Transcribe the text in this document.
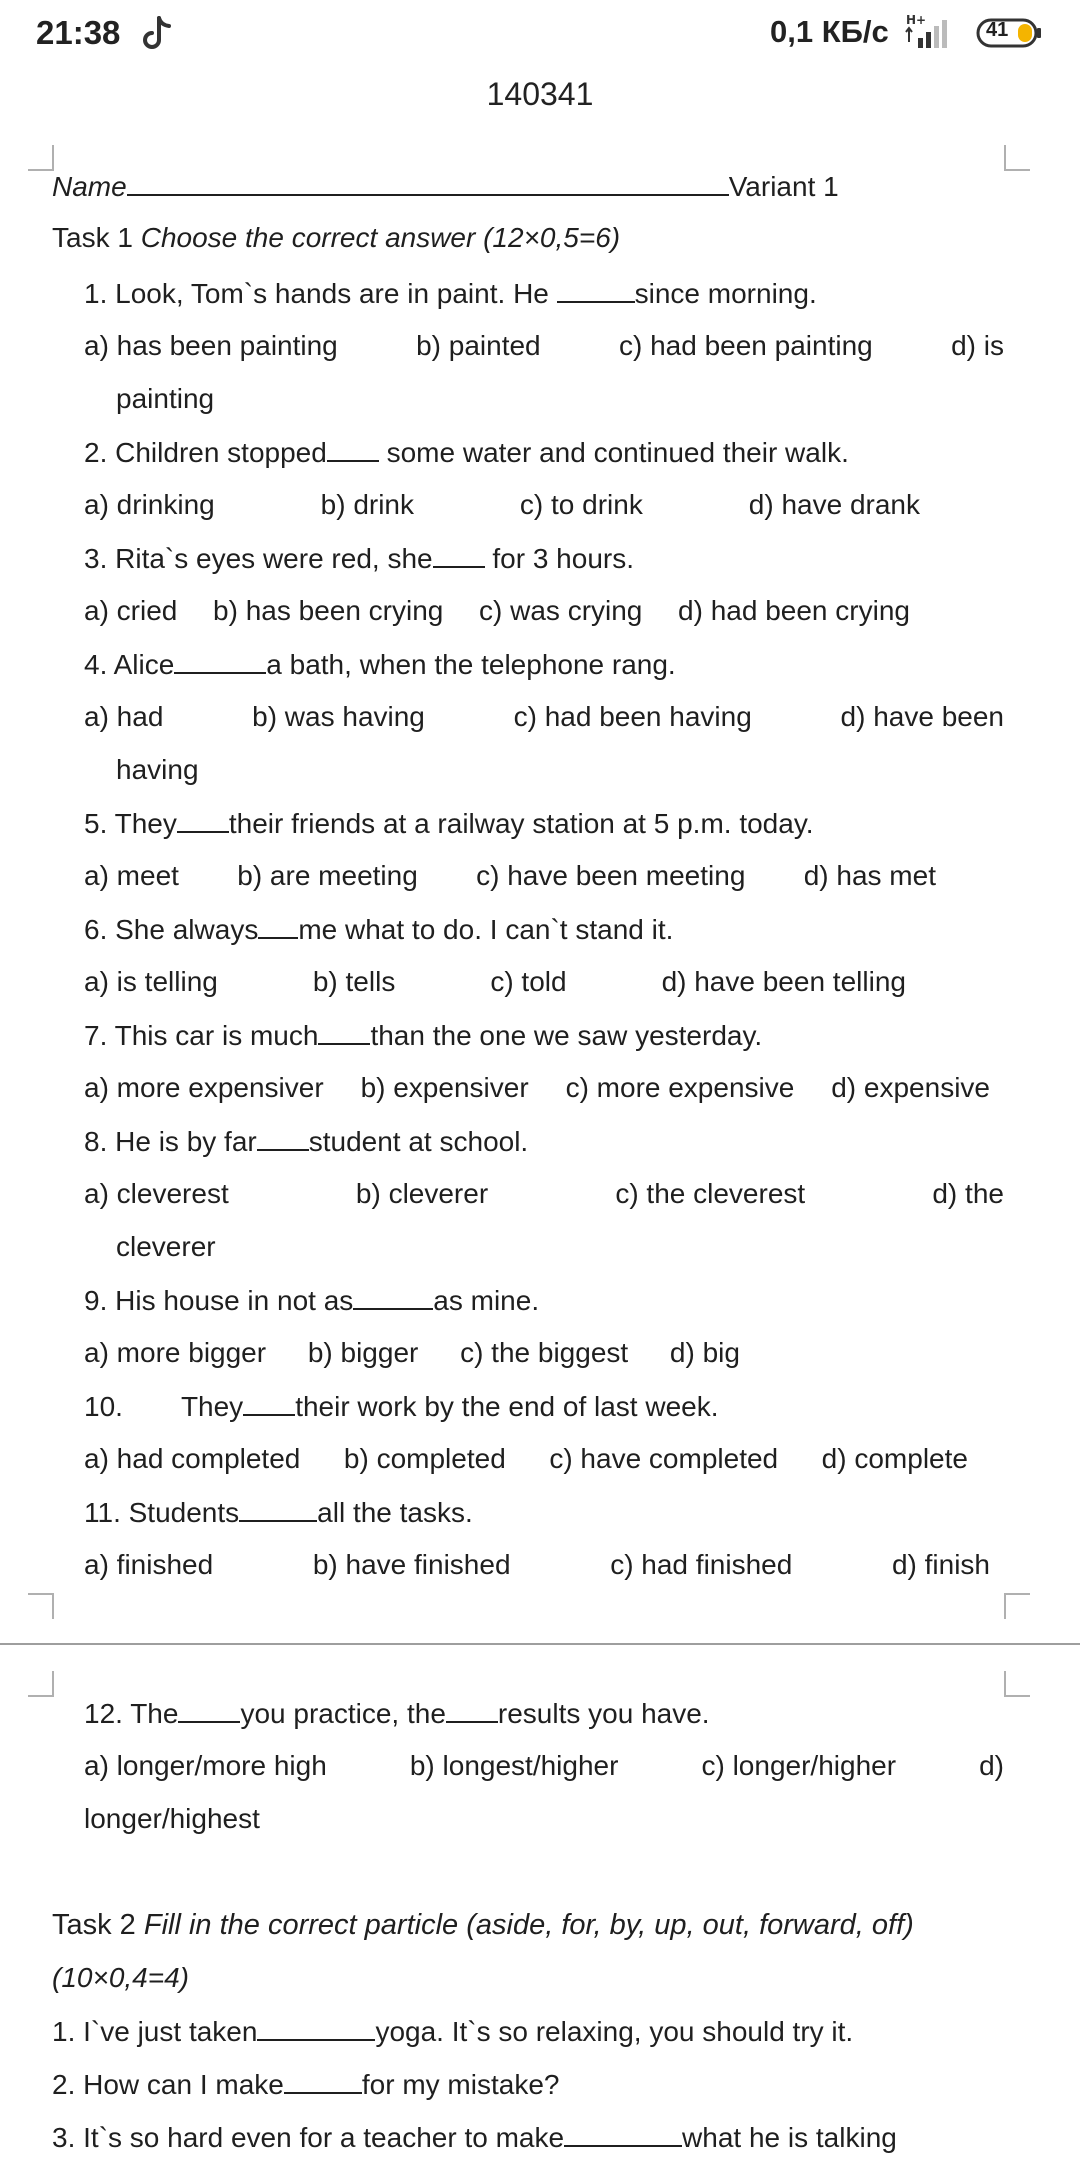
21:38	0,1 КБ/с H+	41
140341
Name	Variant 1
Task 1 Choose the correct answer (12×0,5=6)
1. Look, Tom`s hands are in paint. He	since morning.
a) has been painting	b) painted	c) had been painting	d) is
painting
2. Children stopped some water and continued their walk.
a) drinking	b) drink	c) to drink	d) have drank
3. Rita`s eyes were red, she for 3 hours.
a) cried b) has been crying c) was crying d) had been crying
4. Alice	a bath, when the telephone rang.
a) had	b) was having	c) had been having	d) have been
having
5. They their friends at a railway station at 5 p.m. today.
a) meet b) are meeting c) have been meeting d) has met
6. She always me what to do. I can`t stand it.
a) is telling	b) tells	c) told	d) have been telling
7. This car is much than the one we saw yesterday.
a) more expensiver b) expensiver c) more expensive d) expensive
8. He is by far student at school.
a) cleverest	b) cleverer	c) the cleverest	d) the
cleverer
9. His house in not as	as mine.
a) more bigger b) bigger c) the biggest d) big
10. They their work by the end of last week.
a) had completed b) completed c) have completed d) complete
11. Students	all the tasks.
a) finished	b) have finished	c) had finished	d) finish
12. The you practice, the results you have.
a) longer/more high	b) longest/higher	c) longer/higher	d)
longer/highest
Task 2 Fill in the correct particle (aside, for, by, up, out, forward, off)
(10×0,4=4)
1. I`ve just taken	yoga. It`s so relaxing, you should try it.
2. How can I make	for my mistake?
3. It`s so hard even for a teacher to make	what he is talking
